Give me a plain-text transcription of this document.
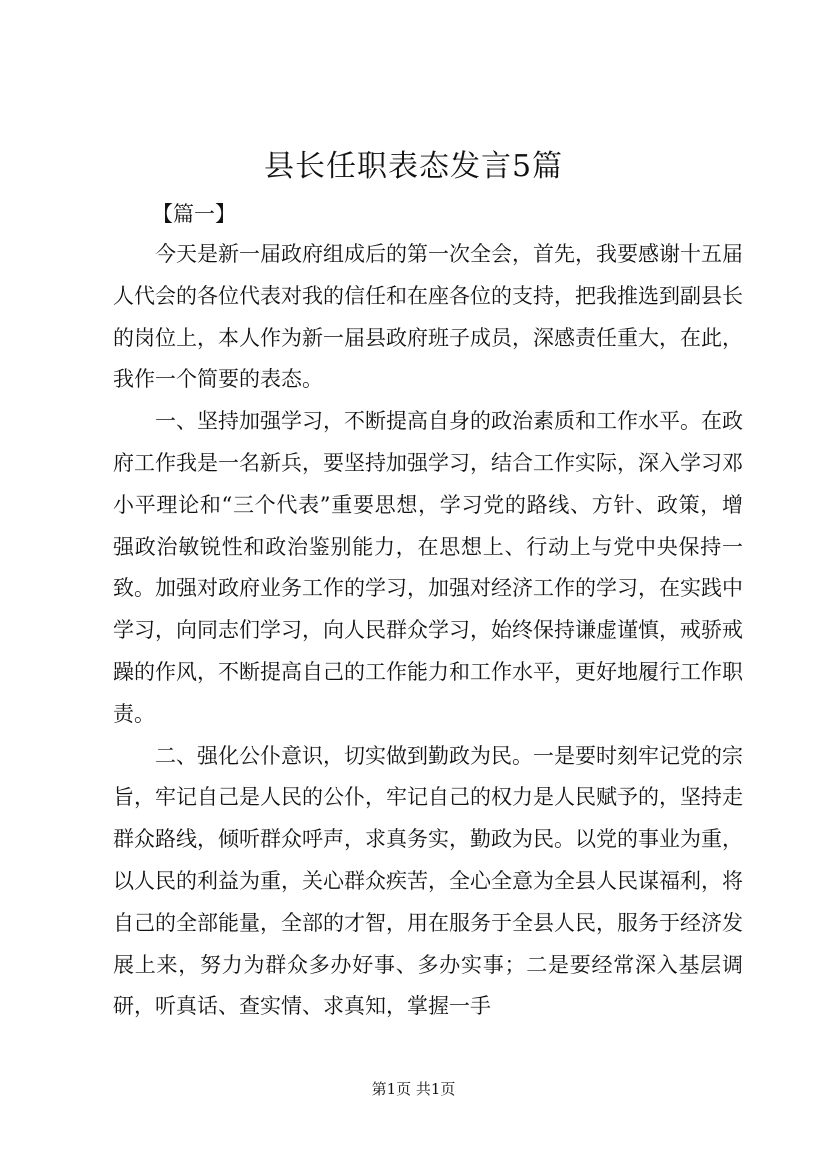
县长任职表态发言5篇
【篇一】

今天是新一届政府组成后的第一次全会，首先，我要感谢十五届人代会的各位代表对我的信任和在座各位的支持，把我推选到副县长的岗位上，本人作为新一届县政府班子成员，深感责任重大，在此，我作一个简要的表态。

一、坚持加强学习，不断提高自身的政治素质和工作水平。在政府工作我是一名新兵，要坚持加强学习，结合工作实际，深入学习邓小平理论和“三个代表”重要思想，学习党的路线、方针、政策，增强政治敏锐性和政治鉴别能力，在思想上、行动上与党中央保持一致。加强对政府业务工作的学习，加强对经济工作的学习，在实践中学习，向同志们学习，向人民群众学习，始终保持谦虚谨慎，戒骄戒躁的作风，不断提高自己的工作能力和工作水平，更好地履行工作职责。

二、强化公仆意识，切实做到勤政为民。一是要时刻牢记党的宗旨，牢记自己是人民的公仆，牢记自己的权力是人民赋予的，坚持走群众路线，倾听群众呼声，求真务实，勤政为民。以党的事业为重，以人民的利益为重，关心群众疾苦，全心全意为全县人民谋福利，将自己的全部能量，全部的才智，用在服务于全县人民，服务于经济发展上来，努力为群众多办好事、多办实事；二是要经常深入基层调研，听真话、查实情、求真知，掌握一手

第1页 共1页
